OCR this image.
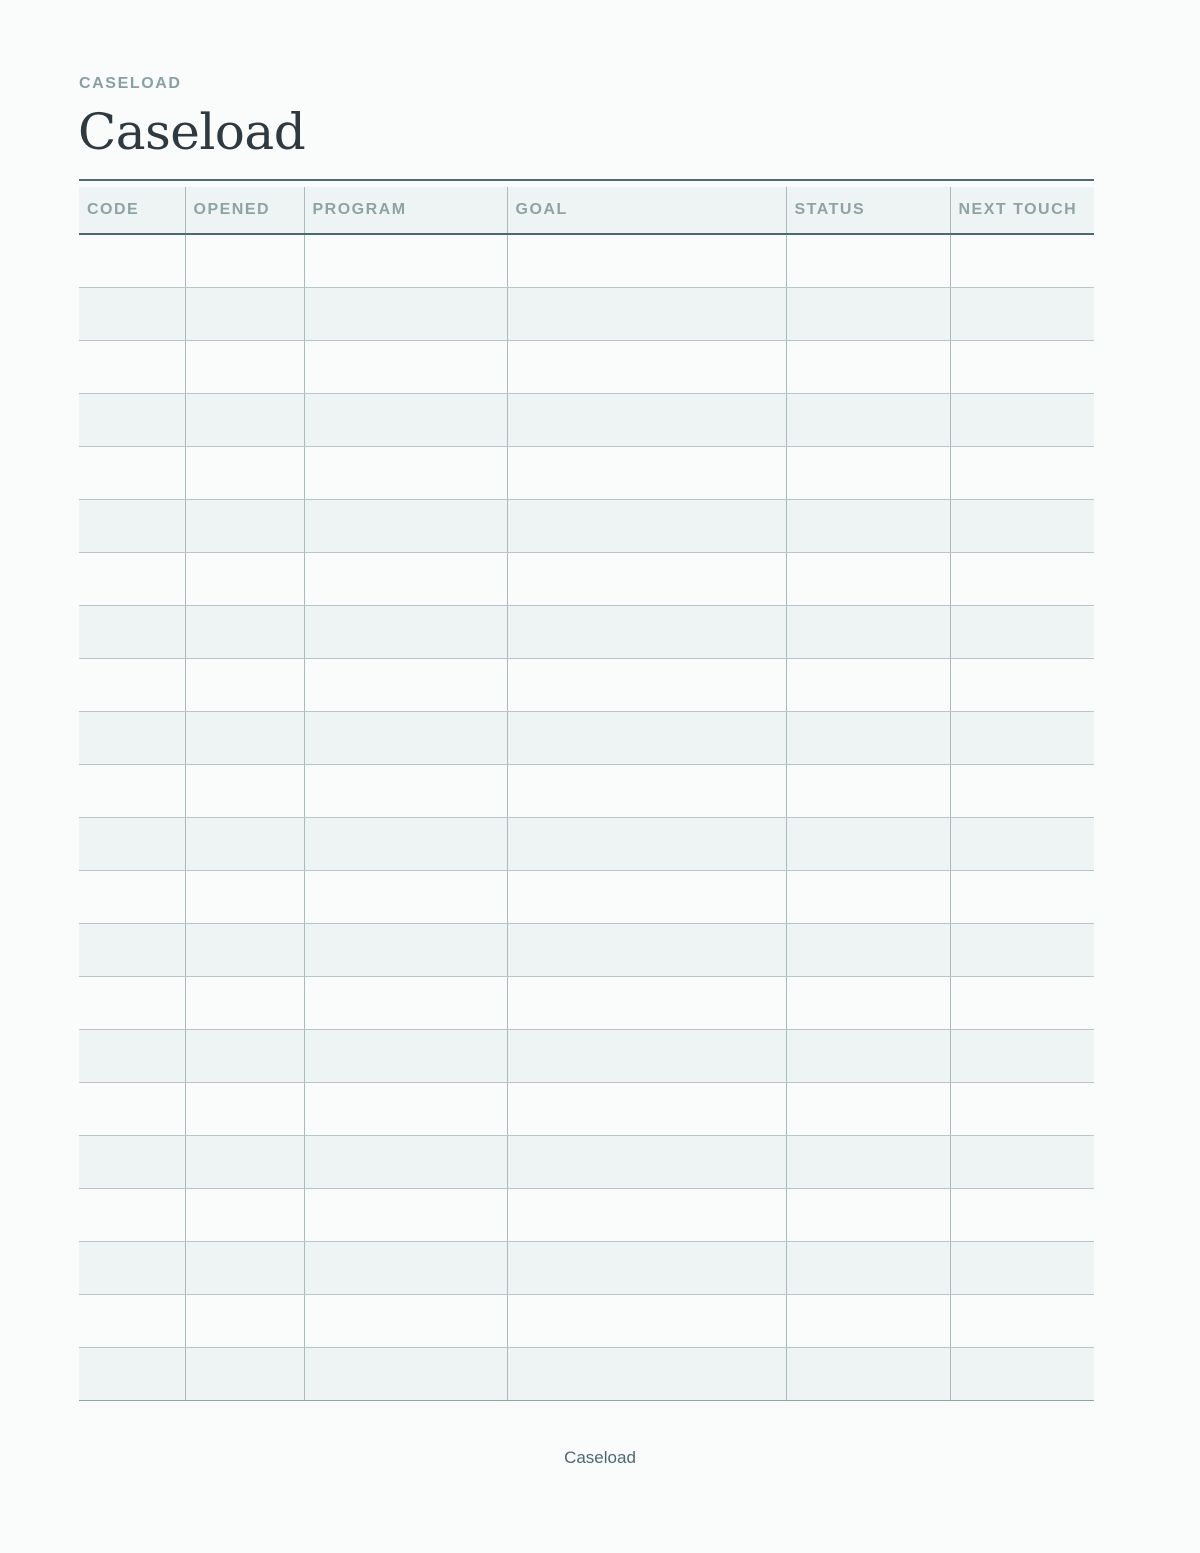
CASELOAD
Caseload
CODE	OPENED	PROGRAM	GOAL	STATUS	NEXT TOUCH

Caseload
